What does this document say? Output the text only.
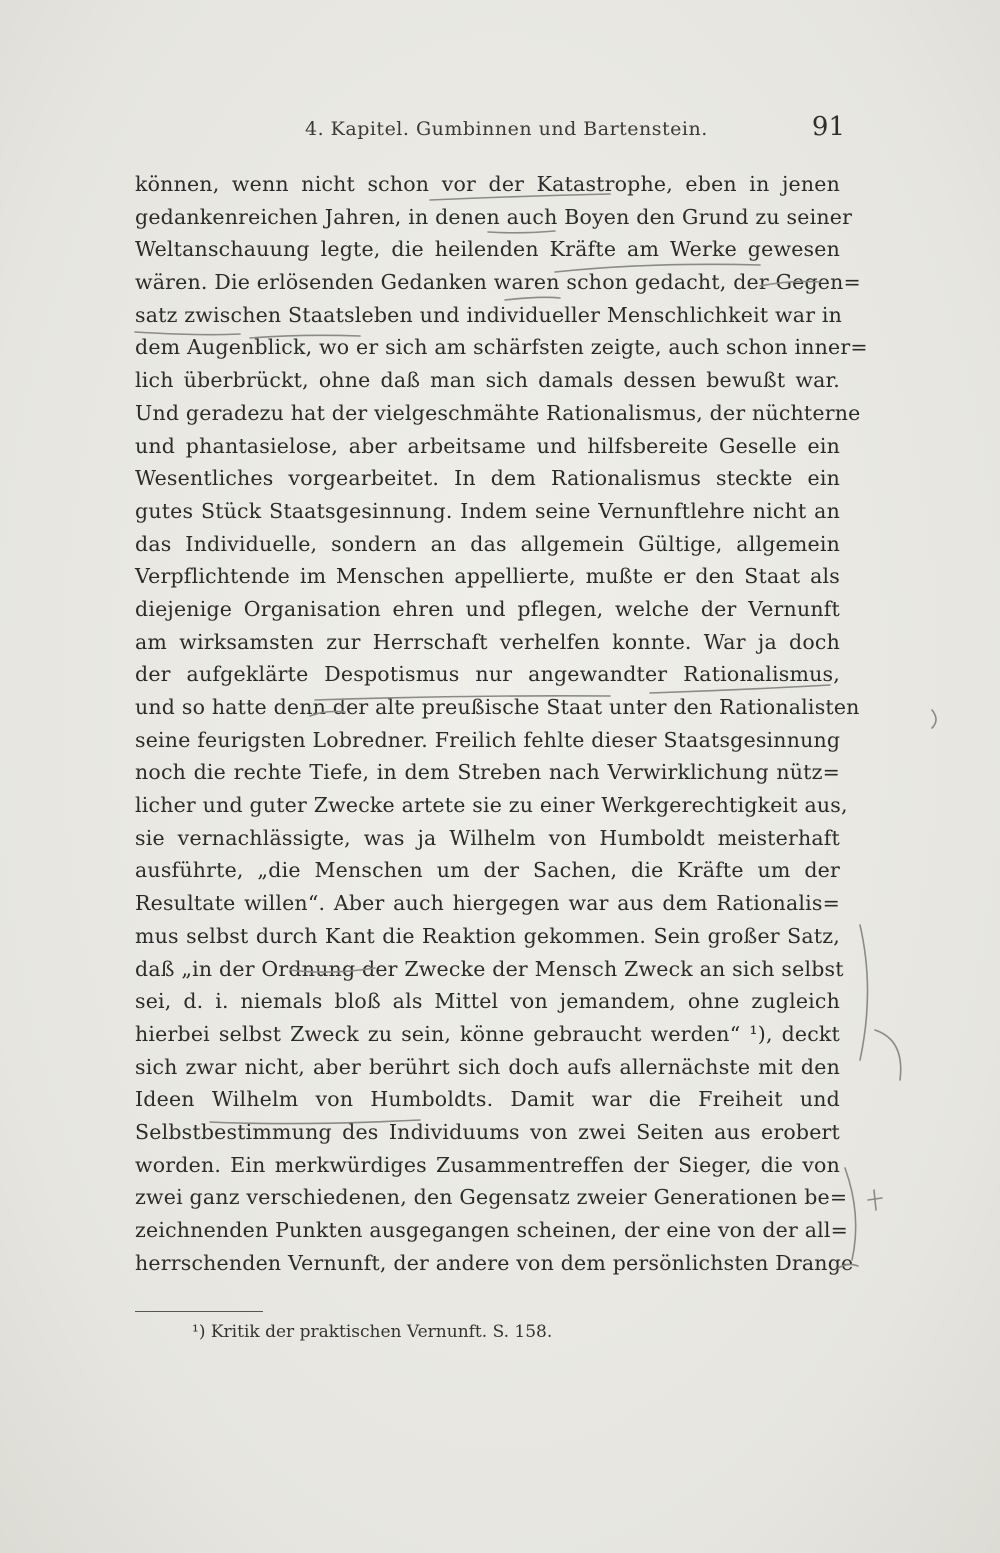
4. Kapitel. Gumbinnen und Bartenstein.	91
können, wenn nicht schon vor der Katastrophe, eben in jenen
gedankenreichen Jahren, in denen auch Boyen den Grund zu seiner
Weltanschauung legte, die heilenden Kräfte am Werke gewesen
wären. Die erlösenden Gedanken waren schon gedacht, der Gegen=
satz zwischen Staatsleben und individueller Menschlichkeit war in
dem Augenblick, wo er sich am schärfsten zeigte, auch schon inner=
lich überbrückt, ohne daß man sich damals dessen bewußt war.
Und geradezu hat der vielgeschmähte Rationalismus, der nüchterne
und phantasielose, aber arbeitsame und hilfsbereite Geselle ein
Wesentliches vorgearbeitet. In dem Rationalismus steckte ein
gutes Stück Staatsgesinnung. Indem seine Vernunftlehre nicht an
das Individuelle, sondern an das allgemein Gültige, allgemein
Verpflichtende im Menschen appellierte, mußte er den Staat als
diejenige Organisation ehren und pflegen, welche der Vernunft
am wirksamsten zur Herrschaft verhelfen konnte. War ja doch
der aufgeklärte Despotismus nur angewandter Rationalismus,
und so hatte denn der alte preußische Staat unter den Rationalisten
seine feurigsten Lobredner. Freilich fehlte dieser Staatsgesinnung
noch die rechte Tiefe, in dem Streben nach Verwirklichung nütz=
licher und guter Zwecke artete sie zu einer Werkgerechtigkeit aus,
sie vernachlässigte, was ja Wilhelm von Humboldt meisterhaft
ausführte, „die Menschen um der Sachen, die Kräfte um der
Resultate willen“. Aber auch hiergegen war aus dem Rationalis=
mus selbst durch Kant die Reaktion gekommen. Sein großer Satz,
daß „in der Ordnung der Zwecke der Mensch Zweck an sich selbst
sei, d. i. niemals bloß als Mittel von jemandem, ohne zugleich
hierbei selbst Zweck zu sein, könne gebraucht werden“ ¹), deckt
sich zwar nicht, aber berührt sich doch aufs allernächste mit den
Ideen Wilhelm von Humboldts. Damit war die Freiheit und
Selbstbestimmung des Individuums von zwei Seiten aus erobert
worden. Ein merkwürdiges Zusammentreffen der Sieger, die von
zwei ganz verschiedenen, den Gegensatz zweier Generationen be=
zeichnenden Punkten ausgegangen scheinen, der eine von der all=
herrschenden Vernunft, der andere von dem persönlichsten Drange
¹) Kritik der praktischen Vernunft. S. 158.
